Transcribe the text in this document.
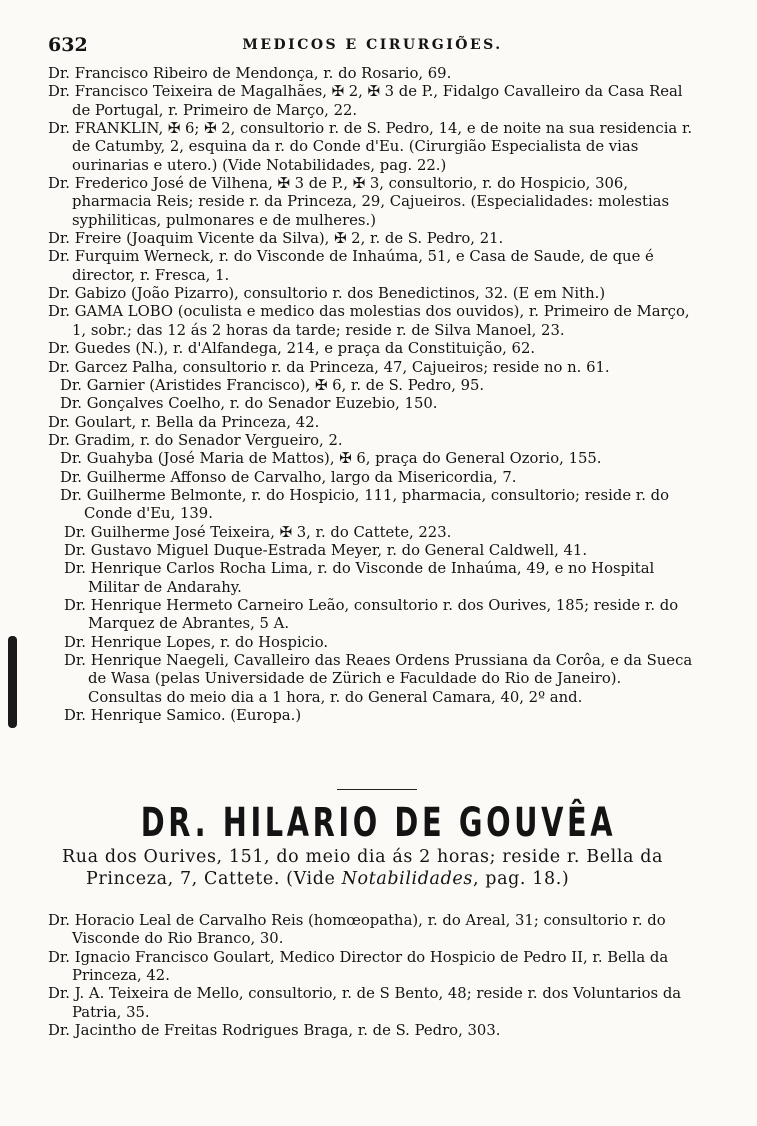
632	MEDICOS E CIRURGIÕES.

Dr. Francisco Ribeiro de Mendonça, r. do Rosario, 69.

Dr. Francisco Teixeira de Magalhães, ✠ 2, ✠ 3 de P., Fidalgo Cavalleiro da Casa Real de Portugal, r. Primeiro de Março, 22.

Dr. FRANKLIN, ✠ 6; ✠ 2, consultorio r. de S. Pedro, 14, e de noite na sua residencia r. de Catumby, 2, esquina da r. do Conde d'Eu. (Cirurgião Especialista de vias ourinarias e utero.) (Vide Notabilidades, pag. 22.)

Dr. Frederico José de Vilhena, ✠ 3 de P., ✠ 3, consultorio, r. do Hospicio, 306, pharmacia Reis; reside r. da Princeza, 29, Cajueiros. (Especialidades: molestias syphiliticas, pulmonares e de mulheres.)

Dr. Freire (Joaquim Vicente da Silva), ✠ 2, r. de S. Pedro, 21.

Dr. Furquim Werneck, r. do Visconde de Inhaúma, 51, e Casa de Saude, de que é director, r. Fresca, 1.

Dr. Gabizo (João Pizarro), consultorio r. dos Benedictinos, 32. (E em Nith.)

Dr. GAMA LOBO (oculista e medico das molestias dos ouvidos), r. Primeiro de Março, 1, sobr.; das 12 ás 2 horas da tarde; reside r. de Silva Manoel, 23.

Dr. Guedes (N.), r. d'Alfandega, 214, e praça da Constituição, 62.

Dr. Garcez Palha, consultorio r. da Princeza, 47, Cajueiros; reside no n. 61.

Dr. Garnier (Aristides Francisco), ✠ 6, r. de S. Pedro, 95.

Dr. Gonçalves Coelho, r. do Senador Euzebio, 150.

Dr. Goulart, r. Bella da Princeza, 42.

Dr. Gradim, r. do Senador Vergueiro, 2.

Dr. Guahyba (José Maria de Mattos), ✠ 6, praça do General Ozorio, 155.

Dr. Guilherme Affonso de Carvalho, largo da Misericordia, 7.

Dr. Guilherme Belmonte, r. do Hospicio, 111, pharmacia, consultorio; reside r. do Conde d'Eu, 139.

Dr. Guilherme José Teixeira, ✠ 3, r. do Cattete, 223.

Dr. Gustavo Miguel Duque-Estrada Meyer, r. do General Caldwell, 41.

Dr. Henrique Carlos Rocha Lima, r. do Visconde de Inhaúma, 49, e no Hospital Militar de Andarahy.

Dr. Henrique Hermeto Carneiro Leão, consultorio r. dos Ourives, 185; reside r. do Marquez de Abrantes, 5 A.

Dr. Henrique Lopes, r. do Hospicio.

Dr. Henrique Naegeli, Cavalleiro das Reaes Ordens Prussiana da Corôa, e da Sueca de Wasa (pelas Universidade de Zürich e Faculdade do Rio de Janeiro). Consultas do meio dia a 1 hora, r. do General Camara, 40, 2º and.

Dr. Henrique Samico. (Europa.)

DR. HILARIO DE GOUVÊA

Rua dos Ourives, 151, do meio dia ás 2 horas; reside r. Bella da Princeza, 7, Cattete. (Vide Notabilidades, pag. 18.)

Dr. Horacio Leal de Carvalho Reis (homœopatha), r. do Areal, 31; consultorio r. do Visconde do Rio Branco, 30.

Dr. Ignacio Francisco Goulart, Medico Director do Hospicio de Pedro II, r. Bella da Princeza, 42.

Dr. J. A. Teixeira de Mello, consultorio, r. de S Bento, 48; reside r. dos Voluntarios da Patria, 35.

Dr. Jacintho de Freitas Rodrigues Braga, r. de S. Pedro, 303.
